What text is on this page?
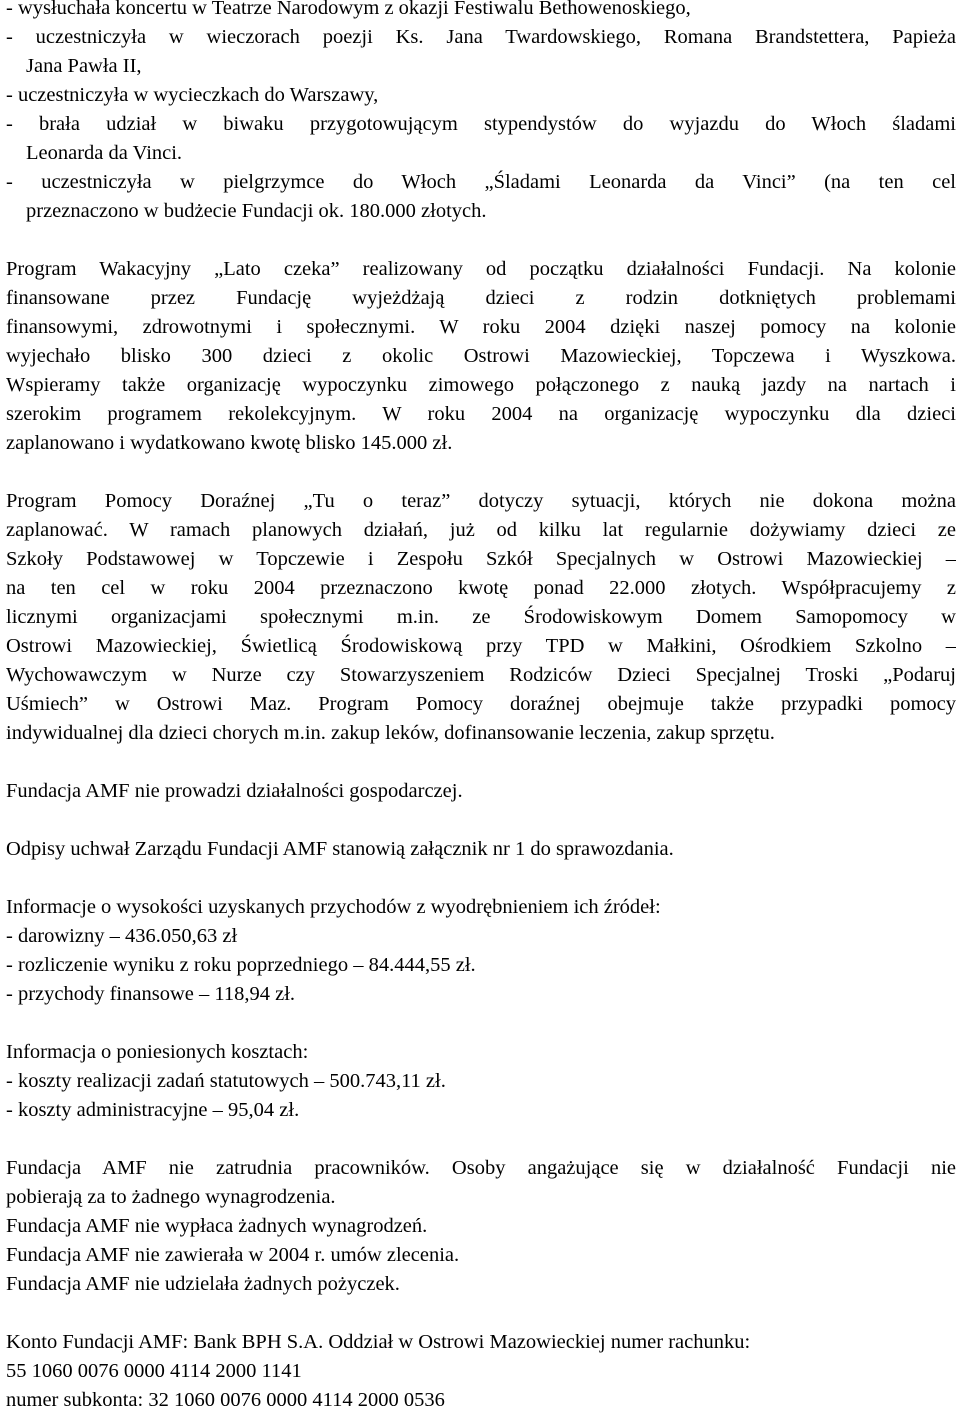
- wysłuchała koncertu w Teatrze Narodowym z okazji Festiwalu Bethowenoskiego,
- uczestniczyła w wieczorach poezji Ks. Jana Twardowskiego, Romana Brandstettera, Papieża
Jana Pawła II,
- uczestniczyła w wycieczkach do Warszawy,
- brała udział w biwaku przygotowującym stypendystów do wyjazdu do Włoch śladami
Leonarda da Vinci.
- uczestniczyła w pielgrzymce do Włoch „Śladami Leonarda da Vinci” (na ten cel
przeznaczono w budżecie Fundacji ok. 180.000 złotych.
Program Wakacyjny „Lato czeka” realizowany od początku działalności Fundacji. Na kolonie
finansowane przez Fundację wyjeżdżają dzieci z rodzin dotkniętych problemami
finansowymi, zdrowotnymi i społecznymi. W roku 2004 dzięki naszej pomocy na kolonie
wyjechało blisko 300 dzieci z okolic Ostrowi Mazowieckiej, Topczewa i Wyszkowa.
Wspieramy także organizację wypoczynku zimowego połączonego z nauką jazdy na nartach i
szerokim programem rekolekcyjnym. W roku 2004 na organizację wypoczynku dla dzieci
zaplanowano i wydatkowano kwotę blisko 145.000 zł.
Program Pomocy Doraźnej „Tu o teraz” dotyczy sytuacji, których nie dokona można
zaplanować. W ramach planowych działań, już od kilku lat regularnie dożywiamy dzieci ze
Szkoły Podstawowej w Topczewie i Zespołu Szkół Specjalnych w Ostrowi Mazowieckiej –
na ten cel w roku 2004 przeznaczono kwotę ponad 22.000 złotych. Współpracujemy z
licznymi organizacjami społecznymi m.in. ze Środowiskowym Domem Samopomocy w
Ostrowi Mazowieckiej, Świetlicą Środowiskową przy TPD w Małkini, Ośrodkiem Szkolno –
Wychowawczym w Nurze czy Stowarzyszeniem Rodziców Dzieci Specjalnej Troski „Podaruj
Uśmiech” w Ostrowi Maz. Program Pomocy doraźnej obejmuje także przypadki pomocy
indywidualnej dla dzieci chorych m.in. zakup leków, dofinansowanie leczenia, zakup sprzętu.
Fundacja AMF nie prowadzi działalności gospodarczej.
Odpisy uchwał Zarządu Fundacji AMF stanowią załącznik nr 1 do sprawozdania.
Informacje o wysokości uzyskanych przychodów z wyodrębnieniem ich źródeł:
- darowizny – 436.050,63 zł
- rozliczenie wyniku z roku poprzedniego – 84.444,55 zł.
- przychody finansowe – 118,94 zł.
Informacja o poniesionych kosztach:
- koszty realizacji zadań statutowych – 500.743,11 zł.
- koszty administracyjne – 95,04 zł.
Fundacja AMF nie zatrudnia pracowników. Osoby angażujące się w działalność Fundacji nie
pobierają za to żadnego wynagrodzenia.
Fundacja AMF nie wypłaca żadnych wynagrodzeń.
Fundacja AMF nie zawierała w 2004 r. umów zlecenia.
Fundacja AMF nie udzielała żadnych pożyczek.
Konto Fundacji AMF: Bank BPH S.A. Oddział w Ostrowi Mazowieckiej numer rachunku:
55 1060 0076 0000 4114 2000 1141
numer subkonta: 32 1060 0076 0000 4114 2000 0536
